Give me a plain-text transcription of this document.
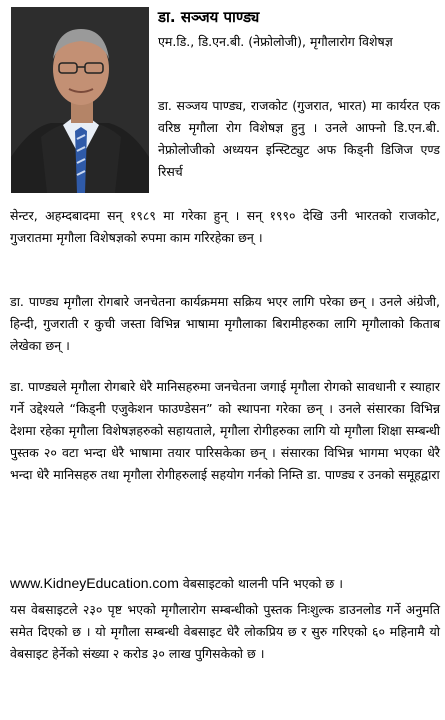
डा. सञ्जय पाण्ड्य
एम.डि., डि.एन.बी. (नेफ्रोलोजी), मृगौलारोग विशेषज्ञ
डा. सञ्जय पाण्ड्य, राजकोट (गुजरात, भारत) मा कार्यरत एक वरिष्ठ मृगौला रोग विशेषज्ञ हुनु । उनले आफ्नो डि.एन.बी. नेफ्रोलोजीको अध्ययन इन्स्टिट्युट अफ किड्नी डिजिज एण्ड रिसर्च
सेन्टर, अहम्दबादमा सन् १९८९ मा गरेका हुन् । सन् १९९० देखि उनी भारतको राजकोट, गुजरातमा मृगौला विशेषज्ञको रुपमा काम गरिरहेका छन् ।
डा. पाण्ड्य मृगौला रोगबारे जनचेतना कार्यक्रममा सक्रिय भएर लागि परेका छन् । उनले अंग्रेजी, हिन्दी, गुजराती र कुची जस्ता विभिन्न भाषामा मृगौलाका बिरामीहरुका लागि मृगौलाको किताब लेखेका छन् ।
डा. पाण्ड्यले मृगौला रोगबारे धेरै मानिसहरुमा जनचेतना जगाई मृगौला रोगको सावधानी र स्याहार गर्ने उद्देश्यले “किड्नी एजुकेशन फाउण्डेसन” को स्थापना गरेका छन् । उनले संसारका विभिन्न देशमा रहेका मृगौला विशेषज्ञहरुको सहायताले, मृगौला रोगीहरुका लागि यो मृगौला शिक्षा सम्बन्धी पुस्तक २० वटा भन्दा धेरै भाषामा तयार पारिसकेका छन् । संसारका विभिन्न भागमा भएका धेरै भन्दा धेरै मानिसहरु तथा मृगौला रोगीहरुलाई सहयोग गर्नको निम्ति डा. पाण्ड्य र उनको समूहद्वारा
www.KidneyEducation.com वेबसाइटको थालनी पनि भएको छ ।
यस वेबसाइटले २३० पृष्ट भएको मृगौलारोग सम्बन्धीको पुस्तक निःशुल्क डाउनलोड गर्ने अनुमति समेत दिएको छ । यो मृगौला सम्बन्धी वेबसाइट धेरै लोकप्रिय छ र सुरु गरिएको ६० महिनामै यो वेबसाइट हेर्नेको संख्या २ करोड ३० लाख पुगिसकेको छ ।
